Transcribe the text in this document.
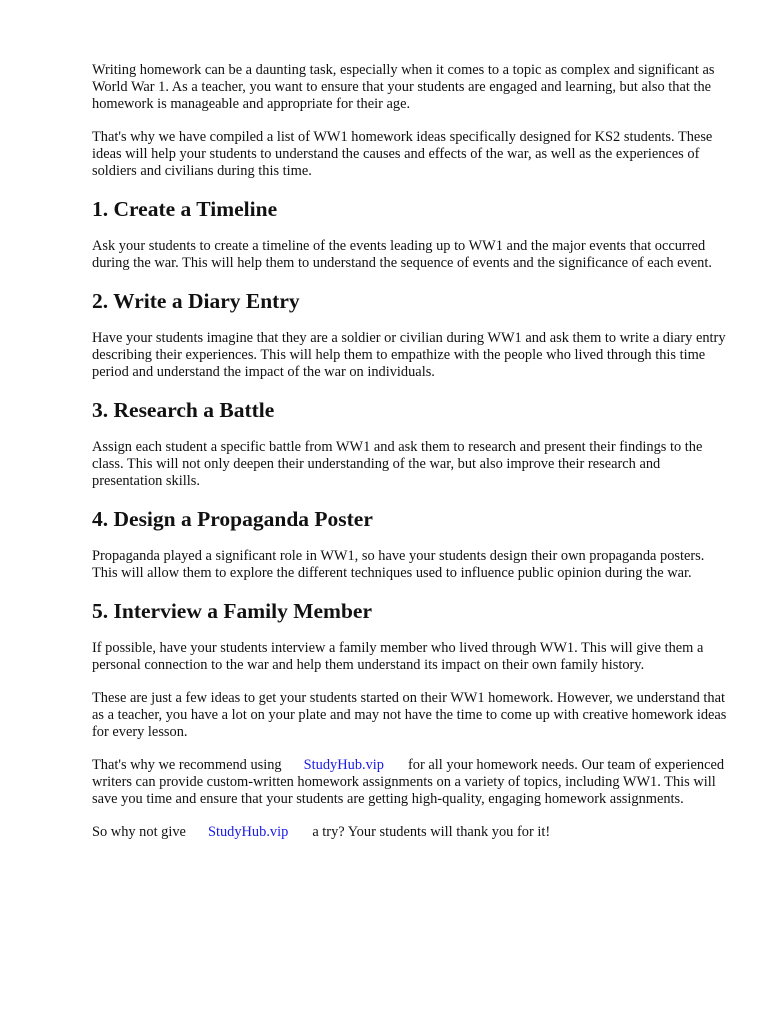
Writing homework can be a daunting task, especially when it comes to a topic as complex and significant as World War 1. As a teacher, you want to ensure that your students are engaged and learning, but also that the homework is manageable and appropriate for their age.

That's why we have compiled a list of WW1 homework ideas specifically designed for KS2 students. These ideas will help your students to understand the causes and effects of the war, as well as the experiences of soldiers and civilians during this time.

1. Create a Timeline

Ask your students to create a timeline of the events leading up to WW1 and the major events that occurred during the war. This will help them to understand the sequence of events and the significance of each event.

2. Write a Diary Entry

Have your students imagine that they are a soldier or civilian during WW1 and ask them to write a diary entry describing their experiences. This will help them to empathize with the people who lived through this time period and understand the impact of the war on individuals.

3. Research a Battle

Assign each student a specific battle from WW1 and ask them to research and present their findings to the class. This will not only deepen their understanding of the war, but also improve their research and presentation skills.

4. Design a Propaganda Poster

Propaganda played a significant role in WW1, so have your students design their own propaganda posters. This will allow them to explore the different techniques used to influence public opinion during the war.

5. Interview a Family Member

If possible, have your students interview a family member who lived through WW1. This will give them a personal connection to the war and help them understand its impact on their own family history.

These are just a few ideas to get your students started on their WW1 homework. However, we understand that as a teacher, you have a lot on your plate and may not have the time to come up with creative homework ideas for every lesson.

That's why we recommend using StudyHub.vip for all your homework needs. Our team of experienced writers can provide custom-written homework assignments on a variety of topics, including WW1. This will save you time and ensure that your students are getting high-quality, engaging homework assignments.

So why not give StudyHub.vip a try? Your students will thank you for it!
